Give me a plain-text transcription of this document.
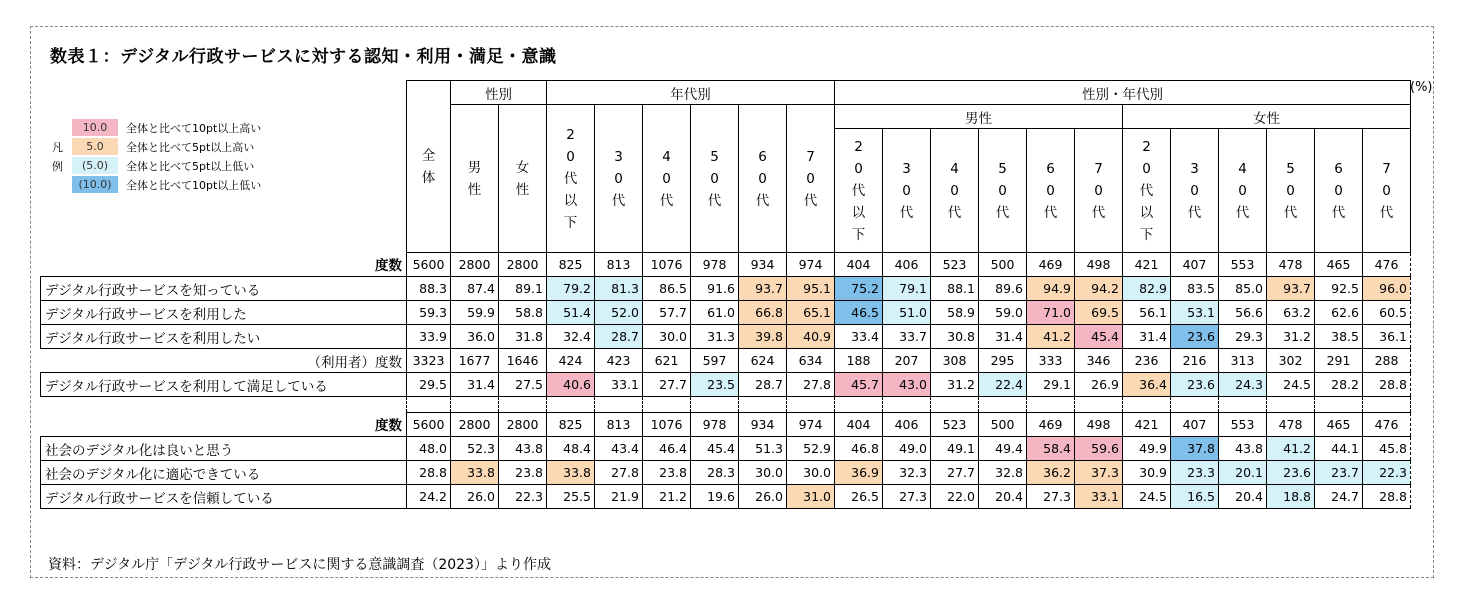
数表１：デジタル行政サービスに対する認知・利用・満足・意識
(%)
10.0	全体と比べて10pt以上高い
凡	5.0	全体と比べて5pt以上高い
例	(5.0)	全体と比べて5pt以上低い
(10.0)	全体と比べて10pt以上低い
	全体	性別		年代別						性別・年代別											
		男性	女性	20代以下	30代	40代	50代	60代	70代	男性						女性					
										20代以下	30代	40代	50代	60代	70代	20代以下	30代	40代	50代	60代	70代
度数	5600	2800	2800	825	813	1076	978	934	974	404	406	523	500	469	498	421	407	553	478	465	476
デジタル行政サービスを知っている	88.3	87.4	89.1	79.2	81.3	86.5	91.6	93.7	95.1	75.2	79.1	88.1	89.6	94.9	94.2	82.9	83.5	85.0	93.7	92.5	96.0
デジタル行政サービスを利用した	59.3	59.9	58.8	51.4	52.0	57.7	61.0	66.8	65.1	46.5	51.0	58.9	59.0	71.0	69.5	56.1	53.1	56.6	63.2	62.6	60.5
デジタル行政サービスを利用したい	33.9	36.0	31.8	32.4	28.7	30.0	31.3	39.8	40.9	33.4	33.7	30.8	31.4	41.2	45.4	31.4	23.6	29.3	31.2	38.5	36.1
（利用者）度数	3323	1677	1646	424	423	621	597	624	634	188	207	308	295	333	346	236	216	313	302	291	288
デジタル行政サービスを利用して満足している	29.5	31.4	27.5	40.6	33.1	27.7	23.5	28.7	27.8	45.7	43.0	31.2	22.4	29.1	26.9	36.4	23.6	24.3	24.5	28.2	28.8

度数	5600	2800	2800	825	813	1076	978	934	974	404	406	523	500	469	498	421	407	553	478	465	476
社会のデジタル化は良いと思う	48.0	52.3	43.8	48.4	43.4	46.4	45.4	51.3	52.9	46.8	49.0	49.1	49.4	58.4	59.6	49.9	37.8	43.8	41.2	44.1	45.8
社会のデジタル化に適応できている	28.8	33.8	23.8	33.8	27.8	23.8	28.3	30.0	30.0	36.9	32.3	27.7	32.8	36.2	37.3	30.9	23.3	20.1	23.6	23.7	22.3
デジタル行政サービスを信頼している	24.2	26.0	22.3	25.5	21.9	21.2	19.6	26.0	31.0	26.5	27.3	22.0	20.4	27.3	33.1	24.5	16.5	20.4	18.8	24.7	28.8
資料：デジタル庁「デジタル行政サービスに関する意識調査（2023）」より作成
